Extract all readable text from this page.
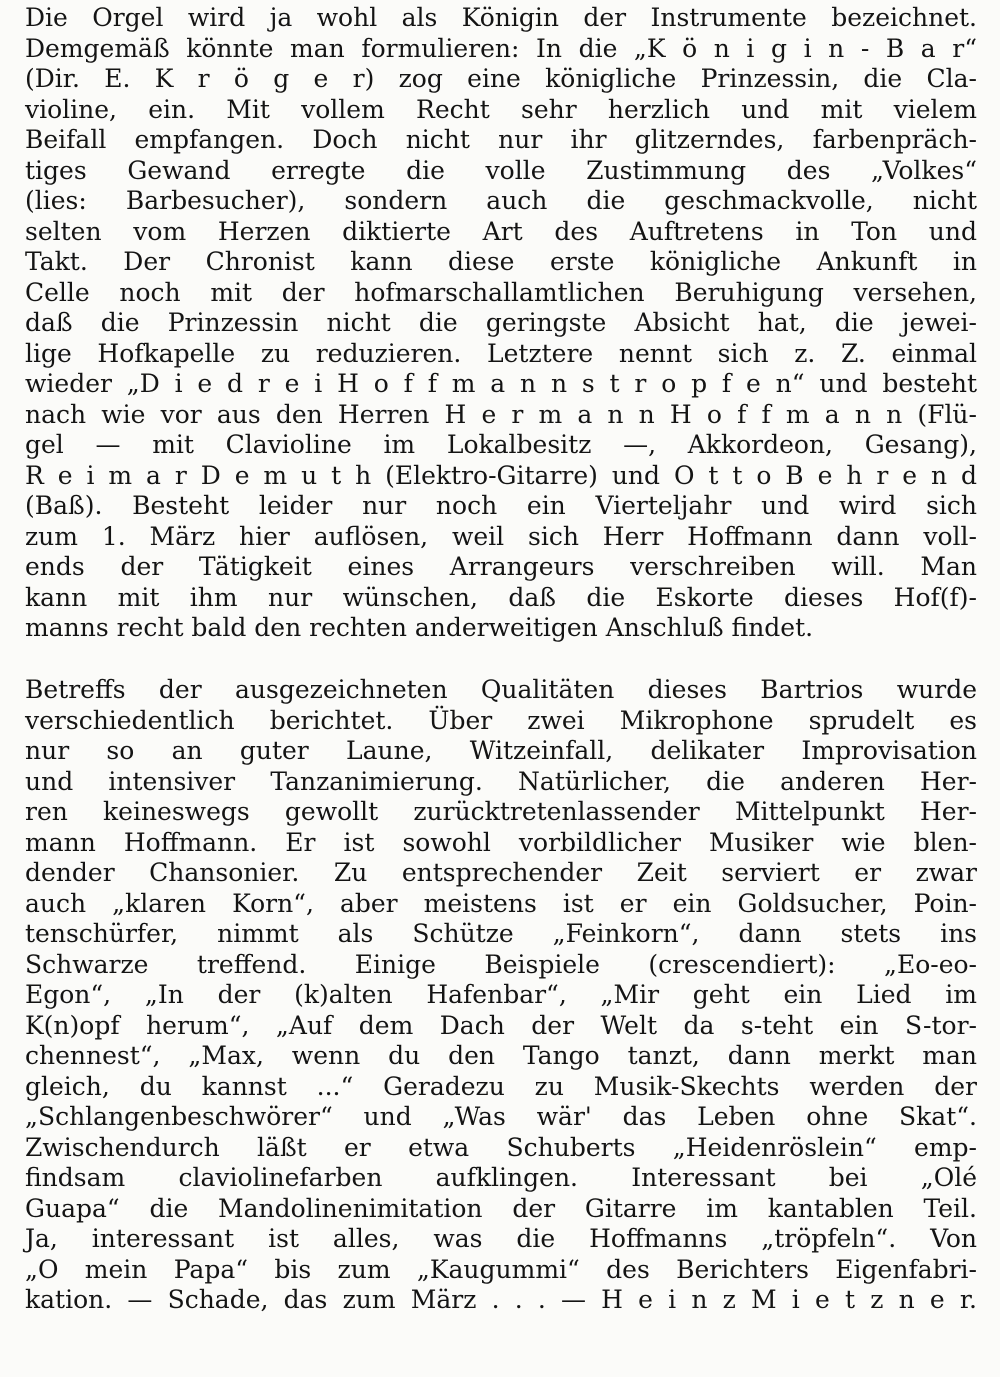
Die Orgel wird ja wohl als Königin der Instrumente bezeichnet.
Demgemäß könnte man formulieren: In die „K ö n i g i n - B a r“
(Dir. E. K r ö g e r) zog eine königliche Prinzessin, die Cla-
violine, ein. Mit vollem Recht sehr herzlich und mit vielem
Beifall empfangen. Doch nicht nur ihr glitzerndes, farbenpräch-
tiges Gewand erregte die volle Zustimmung des „Volkes“
(lies: Barbesucher), sondern auch die geschmackvolle, nicht
selten vom Herzen diktierte Art des Auftretens in Ton und
Takt. Der Chronist kann diese erste königliche Ankunft in
Celle noch mit der hofmarschallamtlichen Beruhigung versehen,
daß die Prinzessin nicht die geringste Absicht hat, die jewei-
lige Hofkapelle zu reduzieren. Letztere nennt sich z. Z. einmal
wieder „D i e d r e i H o f f m a n n s t r o p f e n“ und besteht
nach wie vor aus den Herren H e r m a n n H o f f m a n n (Flü-
gel — mit Clavioline im Lokalbesitz —, Akkordeon, Gesang),
R e i m a r D e m u t h (Elektro-Gitarre) und O t t o B e h r e n d
(Baß). Besteht leider nur noch ein Vierteljahr und wird sich
zum 1. März hier auflösen, weil sich Herr Hoffmann dann voll-
ends der Tätigkeit eines Arrangeurs verschreiben will. Man
kann mit ihm nur wünschen, daß die Eskorte dieses Hof(f)-
manns recht bald den rechten anderweitigen Anschluß findet.
Betreffs der ausgezeichneten Qualitäten dieses Bartrios wurde
verschiedentlich berichtet. Über zwei Mikrophone sprudelt es
nur so an guter Laune, Witzeinfall, delikater Improvisation
und intensiver Tanzanimierung. Natürlicher, die anderen Her-
ren keineswegs gewollt zurücktretenlassender Mittelpunkt Her-
mann Hoffmann. Er ist sowohl vorbildlicher Musiker wie blen-
dender Chansonier. Zu entsprechender Zeit serviert er zwar
auch „klaren Korn“, aber meistens ist er ein Goldsucher, Poin-
tenschürfer, nimmt als Schütze „Feinkorn“, dann stets ins
Schwarze treffend. Einige Beispiele (crescendiert): „Eo-eo-
Egon“, „In der (k)alten Hafenbar“, „Mir geht ein Lied im
K(n)opf herum“, „Auf dem Dach der Welt da s-teht ein S-tor-
chennest“, „Max, wenn du den Tango tanzt, dann merkt man
gleich, du kannst ...“ Geradezu zu Musik-Skechts werden der
„Schlangenbeschwörer“ und „Was wär' das Leben ohne Skat“.
Zwischendurch läßt er etwa Schuberts „Heidenröslein“ emp-
findsam claviolinefarben aufklingen. Interessant bei „Olé
Guapa“ die Mandolinenimitation der Gitarre im kantablen Teil.
Ja, interessant ist alles, was die Hoffmanns „tröpfeln“. Von
„O mein Papa“ bis zum „Kaugummi“ des Berichters Eigenfabri-
kation. — Schade, das zum März . . . — H e i n z M i e t z n e r.
